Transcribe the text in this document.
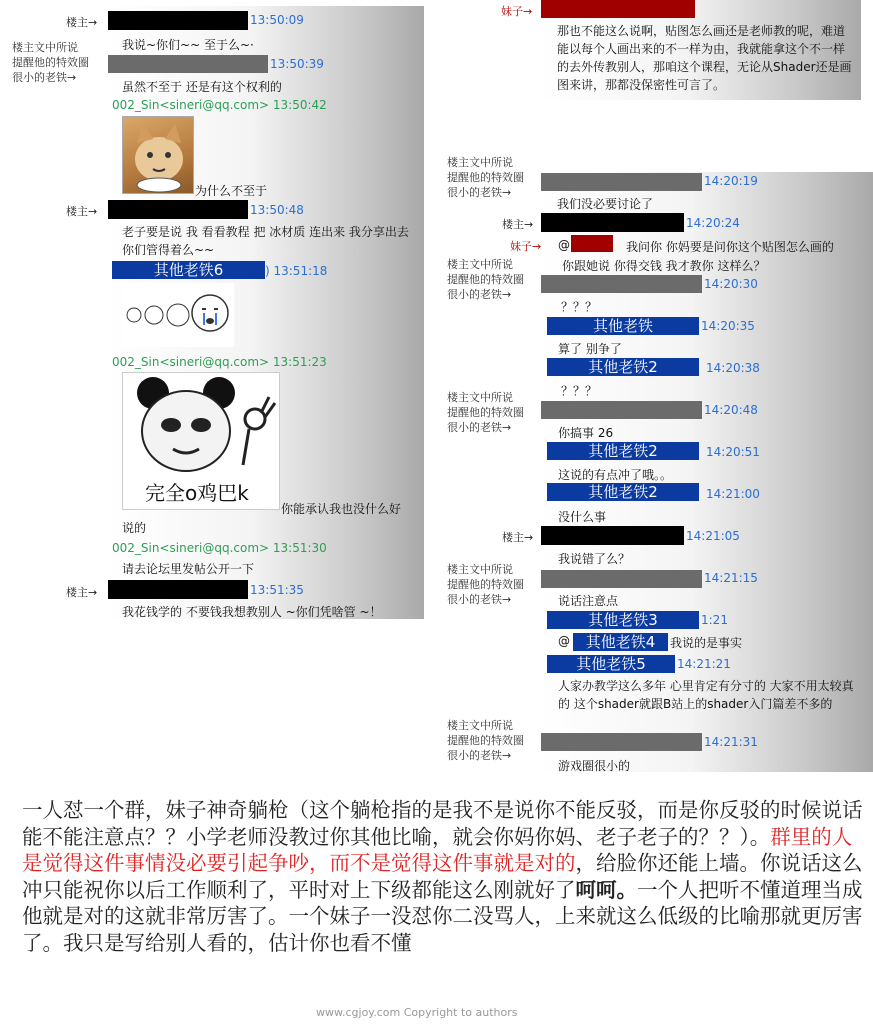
楼主→	13:50:09
我说~你们~~ 至于么~·
楼主文中所说
提醒他的特效圈
很小的老铁→
13:50:39
虽然不至于 还是有这个权利的
002_Sin<sineri@qq.com> 13:50:42
为什么不至于
楼主→	13:50:48
老子要是说 我 看看教程 把 冰材质 连出来 我分享出去 你们管得着么~~
其他老铁6	) 13:51:18
002_Sin<sineri@qq.com> 13:51:23
完全o鸡巴k
你能承认我也没什么好
说的
002_Sin<sineri@qq.com> 13:51:30
请去论坛里发帖公开一下
楼主→	13:51:35
我花钱学的 不要钱我想教别人 ~你们凭啥管 ~！
妹子→
那也不能这么说啊，贴图怎么画还是老师教的呢，难道能以每个人画出来的不一样为由，我就能拿这个不一样的去外传教别人，那咱这个课程，无论从Shader还是画图来讲，那都没保密性可言了。
楼主文中所说
提醒他的特效圈
很小的老铁→
14:20:19
我们没必要讨论了
楼主→	14:20:24
妹子→ @	我问你 你妈要是问你这个贴图怎么画的
你跟她说 你得交钱 我才教你 这样么？
楼主文中所说
提醒他的特效圈
很小的老铁→
14:20:30
？？？
其他老铁	14:20:35
算了 别争了
其他老铁2	14:20:38
？？？
楼主文中所说
提醒他的特效圈
很小的老铁→
14:20:48
你搞事 26
其他老铁2	14:20:51
这说的有点冲了哦。。
其他老铁2	14:21:00
没什么事
楼主→	14:21:05
我说错了么？
楼主文中所说
提醒他的特效圈
很小的老铁→
14:21:15
说话注意点
其他老铁3	1:21
@	其他老铁4	我说的是事实
其他老铁5	14:21:21
人家办教学这么多年 心里肯定有分寸的 大家不用太较真的 这个shader就跟B站上的shader入门篇差不多的
楼主文中所说
提醒他的特效圈
很小的老铁→
14:21:31
游戏圈很小的
一人怼一个群，妹子神奇躺枪（这个躺枪指的是我不是说你不能反驳，而是你反驳的时候说话能不能注意点？？小学老师没教过你其他比喻，就会你妈你妈、老子老子的？？）。群里的人是觉得这件事情没必要引起争吵，而不是觉得这件事就是对的，给脸你还能上墙。你说话这么冲只能祝你以后工作顺利了，平时对上下级都能这么刚就好了呵呵。一个人把听不懂道理当成他就是对的这就非常厉害了。一个妹子一没怼你二没骂人，上来就这么低级的比喻那就更厉害了。我只是写给别人看的，估计你也看不懂
www.cgjoy.com Copyright to authors
